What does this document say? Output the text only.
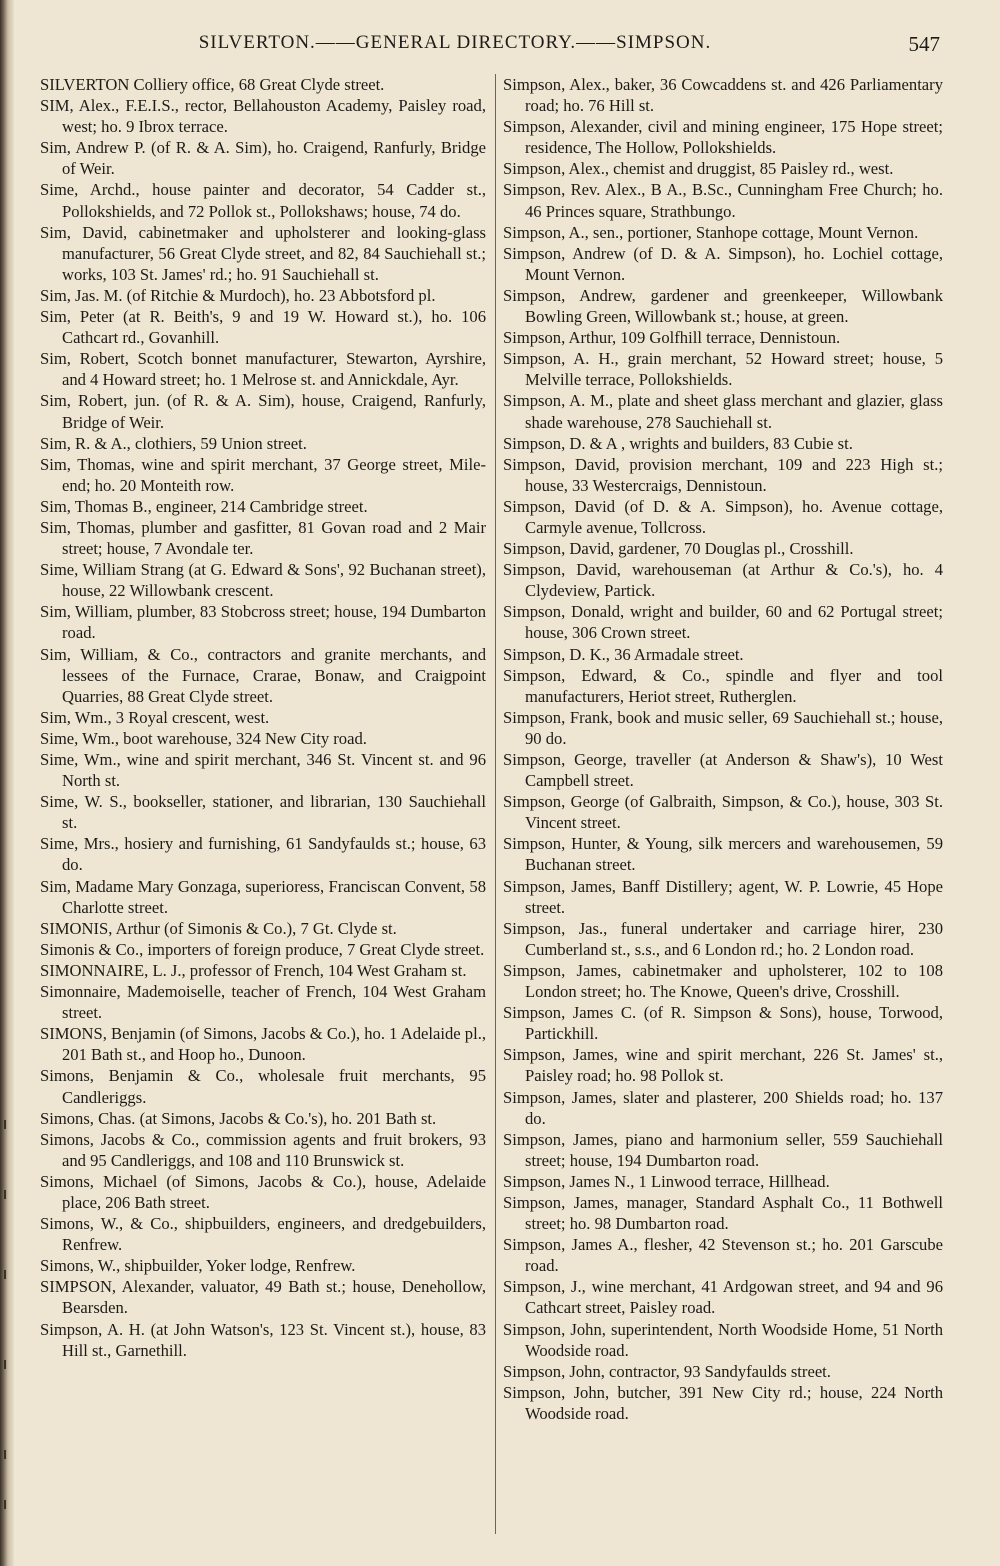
SILVERTON.——GENERAL DIRECTORY.——SIMPSON.	547

SILVERTON Colliery office, 68 Great Clyde street.

SIM, Alex., F.E.I.S., rector, Bellahouston Academy, Paisley road, west; ho. 9 Ibrox terrace.

Sim, Andrew P. (of R. & A. Sim), ho. Craigend, Ranfurly, Bridge of Weir.

Sime, Archd., house painter and decorator, 54 Cadder st., Pollokshields, and 72 Pollok st., Pollokshaws; house, 74 do.

Sim, David, cabinetmaker and upholsterer and looking-glass manufacturer, 56 Great Clyde street, and 82, 84 Sauchiehall st.; works, 103 St. James' rd.; ho. 91 Sauchiehall st.

Sim, Jas. M. (of Ritchie & Murdoch), ho. 23 Abbotsford pl.

Sim, Peter (at R. Beith's, 9 and 19 W. Howard st.), ho. 106 Cathcart rd., Govanhill.

Sim, Robert, Scotch bonnet manufacturer, Stewarton, Ayrshire, and 4 Howard street; ho. 1 Melrose st. and Annickdale, Ayr.

Sim, Robert, jun. (of R. & A. Sim), house, Craigend, Ranfurly, Bridge of Weir.

Sim, R. & A., clothiers, 59 Union street.

Sim, Thomas, wine and spirit merchant, 37 George street, Mile-end; ho. 20 Monteith row.

Sim, Thomas B., engineer, 214 Cambridge street.

Sim, Thomas, plumber and gasfitter, 81 Govan road and 2 Mair street; house, 7 Avondale ter.

Sime, William Strang (at G. Edward & Sons', 92 Buchanan street), house, 22 Willowbank crescent.

Sim, William, plumber, 83 Stobcross street; house, 194 Dumbarton road.

Sim, William, & Co., contractors and granite merchants, and lessees of the Furnace, Crarae, Bonaw, and Craigpoint Quarries, 88 Great Clyde street.

Sim, Wm., 3 Royal crescent, west.

Sime, Wm., boot warehouse, 324 New City road.

Sime, Wm., wine and spirit merchant, 346 St. Vincent st. and 96 North st.

Sime, W. S., bookseller, stationer, and librarian, 130 Sauchiehall st.

Sime, Mrs., hosiery and furnishing, 61 Sandyfaulds st.; house, 63 do.

Sim, Madame Mary Gonzaga, superioress, Franciscan Convent, 58 Charlotte street.

SIMONIS, Arthur (of Simonis & Co.), 7 Gt. Clyde st.

Simonis & Co., importers of foreign produce, 7 Great Clyde street.

SIMONNAIRE, L. J., professor of French, 104 West Graham st.

Simonnaire, Mademoiselle, teacher of French, 104 West Graham street.

SIMONS, Benjamin (of Simons, Jacobs & Co.), ho. 1 Adelaide pl., 201 Bath st., and Hoop ho., Dunoon.

Simons, Benjamin & Co., wholesale fruit merchants, 95 Candleriggs.

Simons, Chas. (at Simons, Jacobs & Co.'s), ho. 201 Bath st.

Simons, Jacobs & Co., commission agents and fruit brokers, 93 and 95 Candleriggs, and 108 and 110 Brunswick st.

Simons, Michael (of Simons, Jacobs & Co.), house, Adelaide place, 206 Bath street.

Simons, W., & Co., shipbuilders, engineers, and dredgebuilders, Renfrew.

Simons, W., shipbuilder, Yoker lodge, Renfrew.

SIMPSON, Alexander, valuator, 49 Bath st.; house, Denehollow, Bearsden.

Simpson, A. H. (at John Watson's, 123 St. Vincent st.), house, 83 Hill st., Garnethill.

Simpson, Alex., baker, 36 Cowcaddens st. and 426 Parliamentary road; ho. 76 Hill st.

Simpson, Alexander, civil and mining engineer, 175 Hope street; residence, The Hollow, Pollokshields.

Simpson, Alex., chemist and druggist, 85 Paisley rd., west.

Simpson, Rev. Alex., B A., B.Sc., Cunningham Free Church; ho. 46 Princes square, Strathbungo.

Simpson, A., sen., portioner, Stanhope cottage, Mount Vernon.

Simpson, Andrew (of D. & A. Simpson), ho. Lochiel cottage, Mount Vernon.

Simpson, Andrew, gardener and greenkeeper, Willowbank Bowling Green, Willowbank st.; house, at green.

Simpson, Arthur, 109 Golfhill terrace, Dennistoun.

Simpson, A. H., grain merchant, 52 Howard street; house, 5 Melville terrace, Pollokshields.

Simpson, A. M., plate and sheet glass merchant and glazier, glass shade warehouse, 278 Sauchiehall st.

Simpson, D. & A , wrights and builders, 83 Cubie st.

Simpson, David, provision merchant, 109 and 223 High st.; house, 33 Westercraigs, Dennistoun.

Simpson, David (of D. & A. Simpson), ho. Avenue cottage, Carmyle avenue, Tollcross.

Simpson, David, gardener, 70 Douglas pl., Crosshill.

Simpson, David, warehouseman (at Arthur & Co.'s), ho. 4 Clydeview, Partick.

Simpson, Donald, wright and builder, 60 and 62 Portugal street; house, 306 Crown street.

Simpson, D. K., 36 Armadale street.

Simpson, Edward, & Co., spindle and flyer and tool manufacturers, Heriot street, Rutherglen.

Simpson, Frank, book and music seller, 69 Sauchiehall st.; house, 90 do.

Simpson, George, traveller (at Anderson & Shaw's), 10 West Campbell street.

Simpson, George (of Galbraith, Simpson, & Co.), house, 303 St. Vincent street.

Simpson, Hunter, & Young, silk mercers and warehousemen, 59 Buchanan street.

Simpson, James, Banff Distillery; agent, W. P. Lowrie, 45 Hope street.

Simpson, Jas., funeral undertaker and carriage hirer, 230 Cumberland st., s.s., and 6 London rd.; ho. 2 London road.

Simpson, James, cabinetmaker and upholsterer, 102 to 108 London street; ho. The Knowe, Queen's drive, Crosshill.

Simpson, James C. (of R. Simpson & Sons), house, Torwood, Partickhill.

Simpson, James, wine and spirit merchant, 226 St. James' st., Paisley road; ho. 98 Pollok st.

Simpson, James, slater and plasterer, 200 Shields road; ho. 137 do.

Simpson, James, piano and harmonium seller, 559 Sauchiehall street; house, 194 Dumbarton road.

Simpson, James N., 1 Linwood terrace, Hillhead.

Simpson, James, manager, Standard Asphalt Co., 11 Bothwell street; ho. 98 Dumbarton road.

Simpson, James A., flesher, 42 Stevenson st.; ho. 201 Garscube road.

Simpson, J., wine merchant, 41 Ardgowan street, and 94 and 96 Cathcart street, Paisley road.

Simpson, John, superintendent, North Woodside Home, 51 North Woodside road.

Simpson, John, contractor, 93 Sandyfaulds street.

Simpson, John, butcher, 391 New City rd.; house, 224 North Woodside road.
